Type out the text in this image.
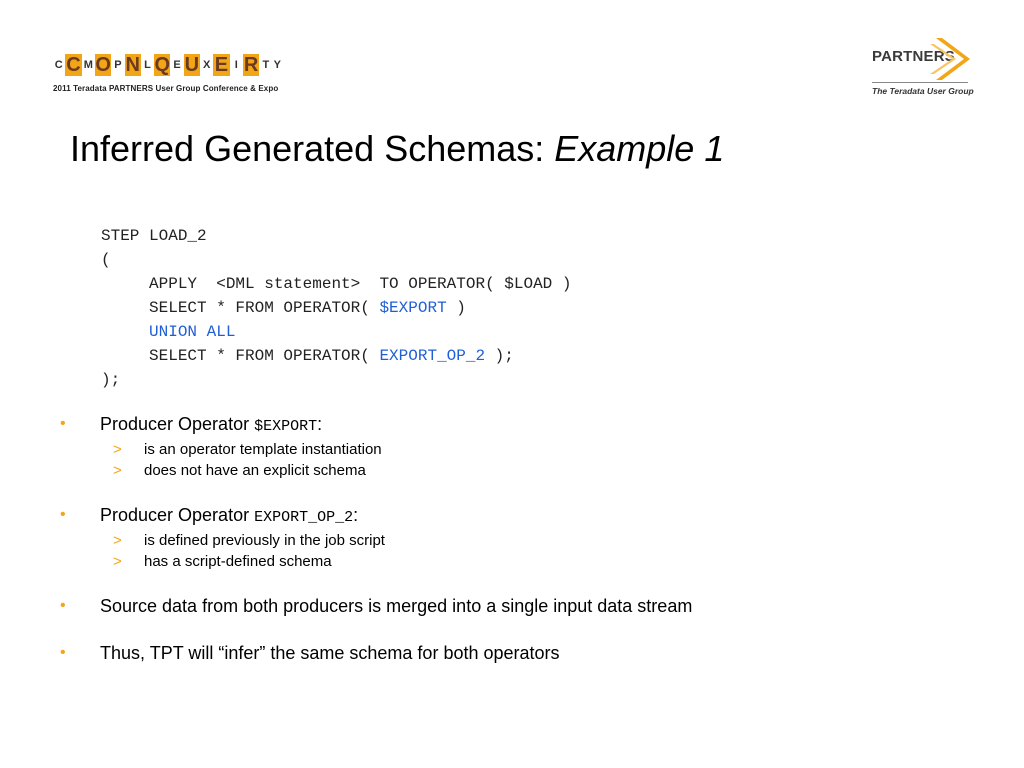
C C M O P N L Q E U X E I R T Y
2011 Teradata PARTNERS User Group Conference & Expo
PARTNERS
The Teradata User Group
Inferred Generated Schemas: Example 1
STEP LOAD_2
(
APPLY  <DML statement>  TO OPERATOR( $LOAD )
SELECT * FROM OPERATOR( $EXPORT )
UNION ALL
SELECT * FROM OPERATOR( EXPORT_OP_2 );
);
• Producer Operator $EXPORT:
> is an operator template instantiation
> does not have an explicit schema
• Producer Operator EXPORT_OP_2:
> is defined previously in the job script
> has a script-defined schema
• Source data from both producers is merged into a single input data stream
• Thus, TPT will “infer” the same schema for both operators
